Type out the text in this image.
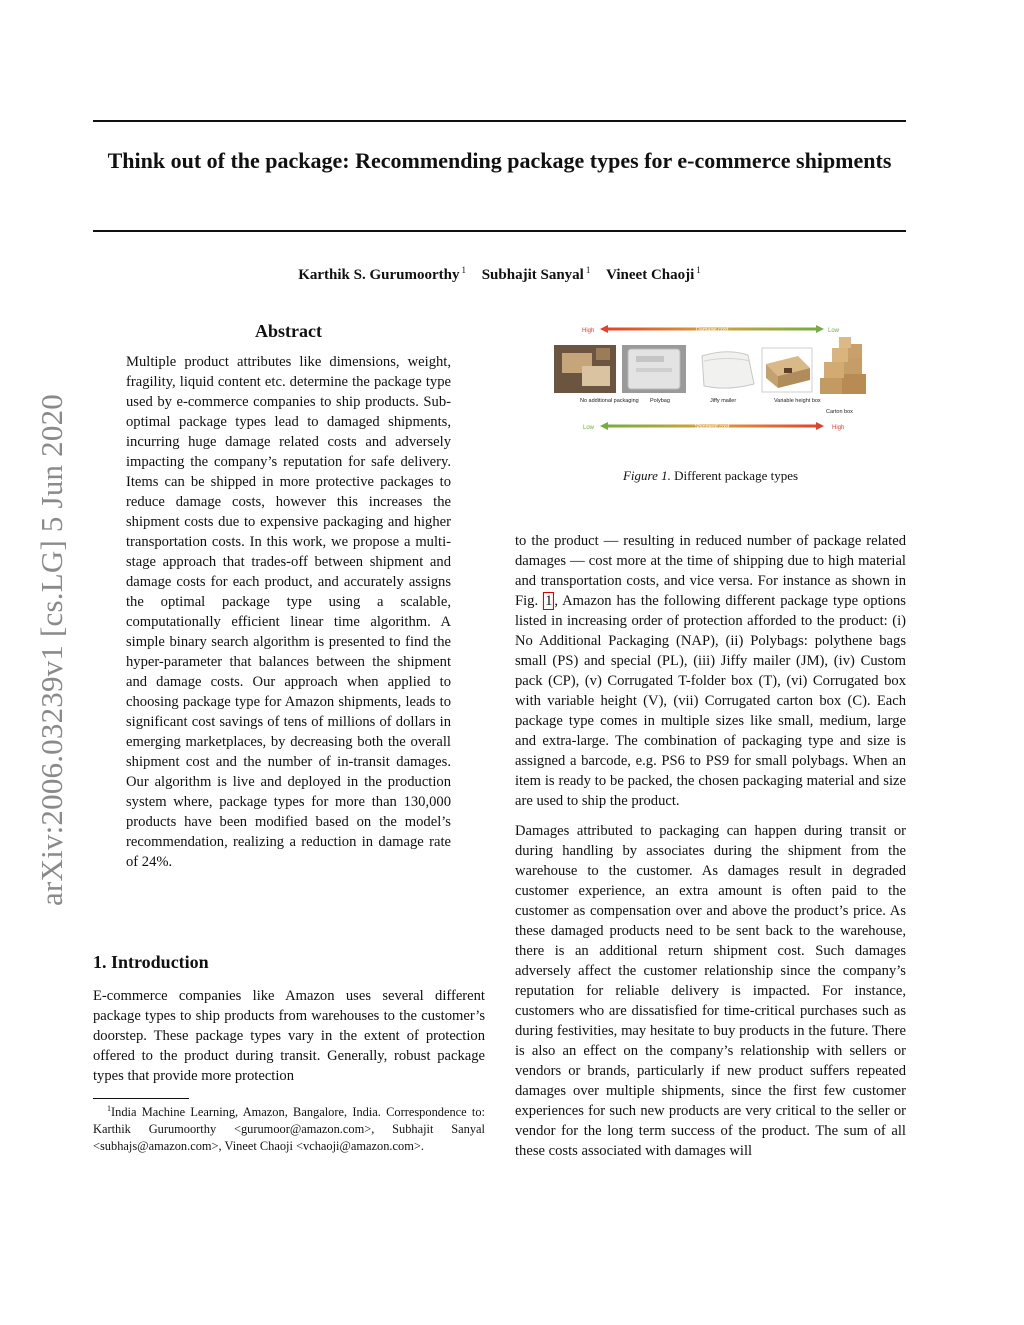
Think out of the package: Recommending package types for e-commerce shipments
Karthik S. Gurumoorthy $^1$ Subhajit Sanyal $^1$ Vineet Chaoji $^1$
arXiv:2006.03239v1 [cs.LG] 5 Jun 2020
Abstract
Multiple product attributes like dimensions, weight, fragility, liquid content etc. determine the package type used by e-commerce companies to ship products. Sub-optimal package types lead to damaged shipments, incurring huge damage related costs and adversely impacting the company’s reputation for safe delivery. Items can be shipped in more protective packages to reduce damage costs, however this increases the shipment costs due to expensive packaging and higher transportation costs. In this work, we propose a multi-stage approach that trades-off between shipment and damage costs for each product, and accurately assigns the optimal package type using a scalable, computationally efficient linear time algorithm. A simple binary search algorithm is presented to find the hyper-parameter that balances between the shipment and damage costs. Our approach when applied to choosing package type for Amazon shipments, leads to significant cost savings of tens of millions of dollars in emerging marketplaces, by decreasing both the overall shipment cost and the number of in-transit damages. Our algorithm is live and deployed in the production system where, package types for more than 130,000 products have been modified based on the model’s recommendation, realizing a reduction in damage rate of 24%.
1. Introduction
E-commerce companies like Amazon uses several different package types to ship products from warehouses to the customer’s doorstep. These package types vary in the extent of protection offered to the product during transit. Generally, robust package types that provide more protection
$^1$India Machine Learning, Amazon, Bangalore, India. Correspondence to: Karthik Gurumoorthy <gurumoor@amazon.com>, Subhajit Sanyal <subhajs@amazon.com>, Vineet Chaoji <vchaoji@amazon.com>.
High	Damage cost	Low
No additional packaging Polybag	Jiffy mailer	Variable height box
Carton box
Low	Shipment cost	High
Figure 1. Different package types

to the product — resulting in reduced number of package related damages — cost more at the time of shipping due to high material and transportation costs, and vice versa. For instance as shown in Fig. 1 , Amazon has the following different package type options listed in increasing order of protection afforded to the product: (i) No Additional Packaging (NAP), (ii) Polybags: polythene bags small (PS) and special (PL), (iii) Jiffy mailer (JM), (iv) Custom pack (CP), (v) Corrugated T-folder box (T), (vi) Corrugated box with variable height (V), (vii) Corrugated carton box (C). Each package type comes in multiple sizes like small, medium, large and extra-large. The combination of packaging type and size is assigned a barcode, e.g. PS6 to PS9 for small polybags. When an item is ready to be packed, the chosen packaging material and size are used to ship the product.

Damages attributed to packaging can happen during transit or during handling by associates during the shipment from the warehouse to the customer. As damages result in degraded customer experience, an extra amount is often paid to the customer as compensation over and above the product’s price. As these damaged products need to be sent back to the warehouse, there is an additional return shipment cost. Such damages adversely affect the customer relationship since the company’s reputation for reliable delivery is impacted. For instance, customers who are dissatisfied for time-critical purchases such as during festivities, may hesitate to buy products in the future. There is also an effect on the company’s relationship with sellers or vendors or brands, particularly if new product suffers repeated damages over multiple shipments, since the first few customer experiences for such new products are very critical to the seller or vendor for the long term success of the product. The sum of all these costs associated with damages will
